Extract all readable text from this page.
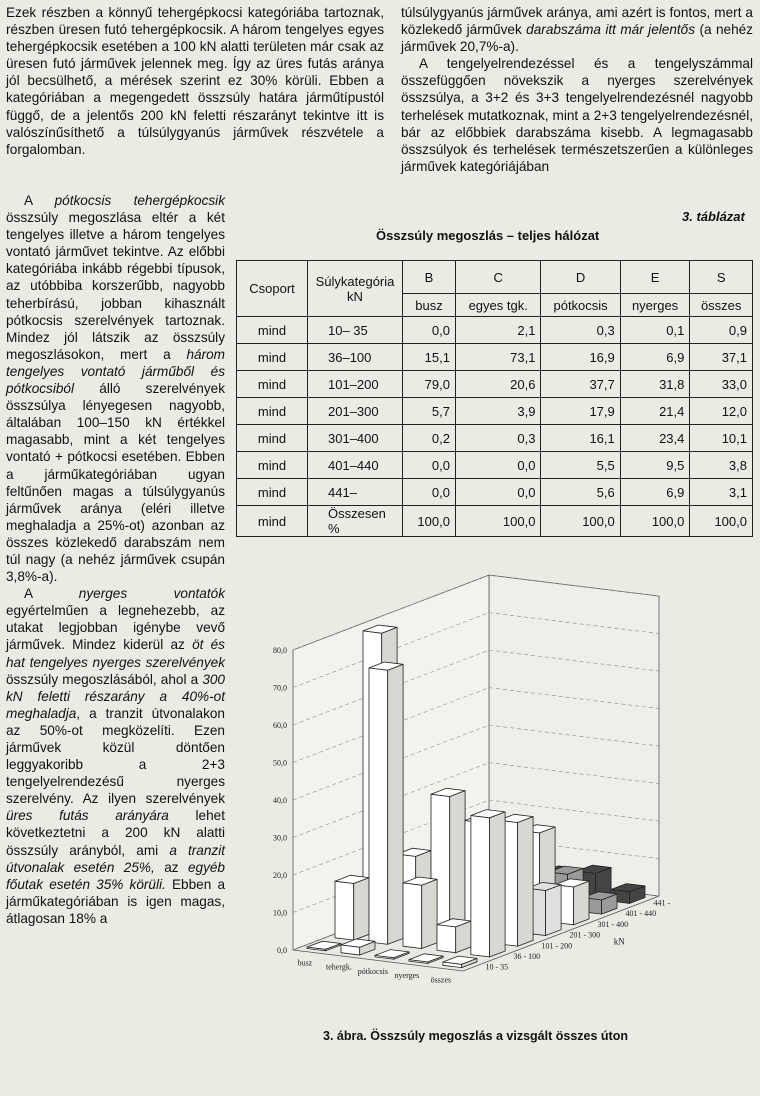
Ezek részben a könnyű tehergépkocsi kategóriába tartoznak, részben üresen futó tehergépkocsik. A három tengelyes egyes tehergépkocsik esetében a 100 kN alatti területen már csak az üresen futó járművek jelennek meg. Így az üres futás aránya jól becsülhető, a mérések szerint ez 30% körüli. Ebben a kategóriában a megengedett összsúly határa járműtípustól függő, de a jelentős 200 kN feletti részarányt tekintve itt is valószínűsíthető a túlsúlygyanús járművek részvétele a forgalomban.

A pótkocsis tehergépkocsik összsúly megoszlása eltér a két tengelyes illetve a három tengelyes vontató járművet tekintve. Az előbbi kategóriába inkább régebbi típusok, az utóbbiba korszerűbb, nagyobb teherbírású, jobban kihasznált pótkocsis szerelvények tartoznak. Mindez jól látszik az összsúly megoszlásokon, mert a három tengelyes vontató járműből és pótkocsiból álló szerelvények összsúlya lényegesen nagyobb, általában 100–150 kN értékkel magasabb, mint a két tengelyes vontató + pótkocsi esetében. Ebben a járműkategóriában ugyan feltűnően magas a túlsúlygyanús járművek aránya (eléri illetve meghaladja a 25%-ot) azonban az összes közlekedő darabszám nem túl nagy (a nehéz járművek csupán 3,8%-a).

A nyerges vontatók egyértelműen a legnehezebb, az utakat legjobban igénybe vevő járművek. Mindez kiderül az öt és hat tengelyes nyerges szerelvények összsúly megoszlásából, ahol a 300 kN feletti részarány a 40%-ot meghaladja, a tranzit útvonalakon az 50%-ot megközelíti. Ezen járművek közül döntően leggyakoribb a 2+3 tengelyelrendezésű nyerges szerelvény. Az ilyen szerelvények üres futás arányára lehet következtetni a 200 kN alatti összsúly arányból, ami a tranzit útvonalak esetén 25%, az egyéb főutak esetén 35% körüli. Ebben a járműkategóriában is igen magas, átlagosan 18% a

túlsúlygyanús járművek aránya, ami azért is fontos, mert a közlekedő járművek darabszáma itt már jelentős (a nehéz járművek 20,7%-a).

A tengelyelrendezéssel és a tengelyszámmal összefüggően növekszik a nyerges szerelvények összsúlya, a 3+2 és 3+3 tengelyelrendezésnél nagyobb terhelések mutatkoznak, mint a 2+3 tengelyelrendezésnél, bár az előbbiek darabszáma kisebb. A legmagasabb összsúlyok és terhelések természetszerűen a különleges járművek kategóriájában

3. táblázat
Összsúly megoszlás – teljes hálózat
Csoport	Súlykategória kN	B	C	D	E	S
		busz	egyes tgk.	pótkocsis	nyerges	összes
mind	10– 35	0,0	2,1	0,3	0,1	0,9
mind	36–100	15,1	73,1	16,9	6,9	37,1
mind	101–200	79,0	20,6	37,7	31,8	33,0
mind	201–300	5,7	3,9	17,9	21,4	12,0
mind	301–400	0,2	0,3	16,1	23,4	10,1
mind	401–440	0,0	0,0	5,5	9,5	3,8
mind	441–	0,0	0,0	5,6	6,9	3,1
mind	Összesen %	100,0	100,0	100,0	100,0	100,0
0,0
10,0
20,0
30,0
40,0
50,0
60,0
70,0
80,0
10 - 35
36 - 100
101 - 200
201 - 300
301 - 400
401 - 440
441 -
kN
busz tehergk. pótkocsis nyerges összes
3. ábra. Összsúly megoszlás a vizsgált összes úton
